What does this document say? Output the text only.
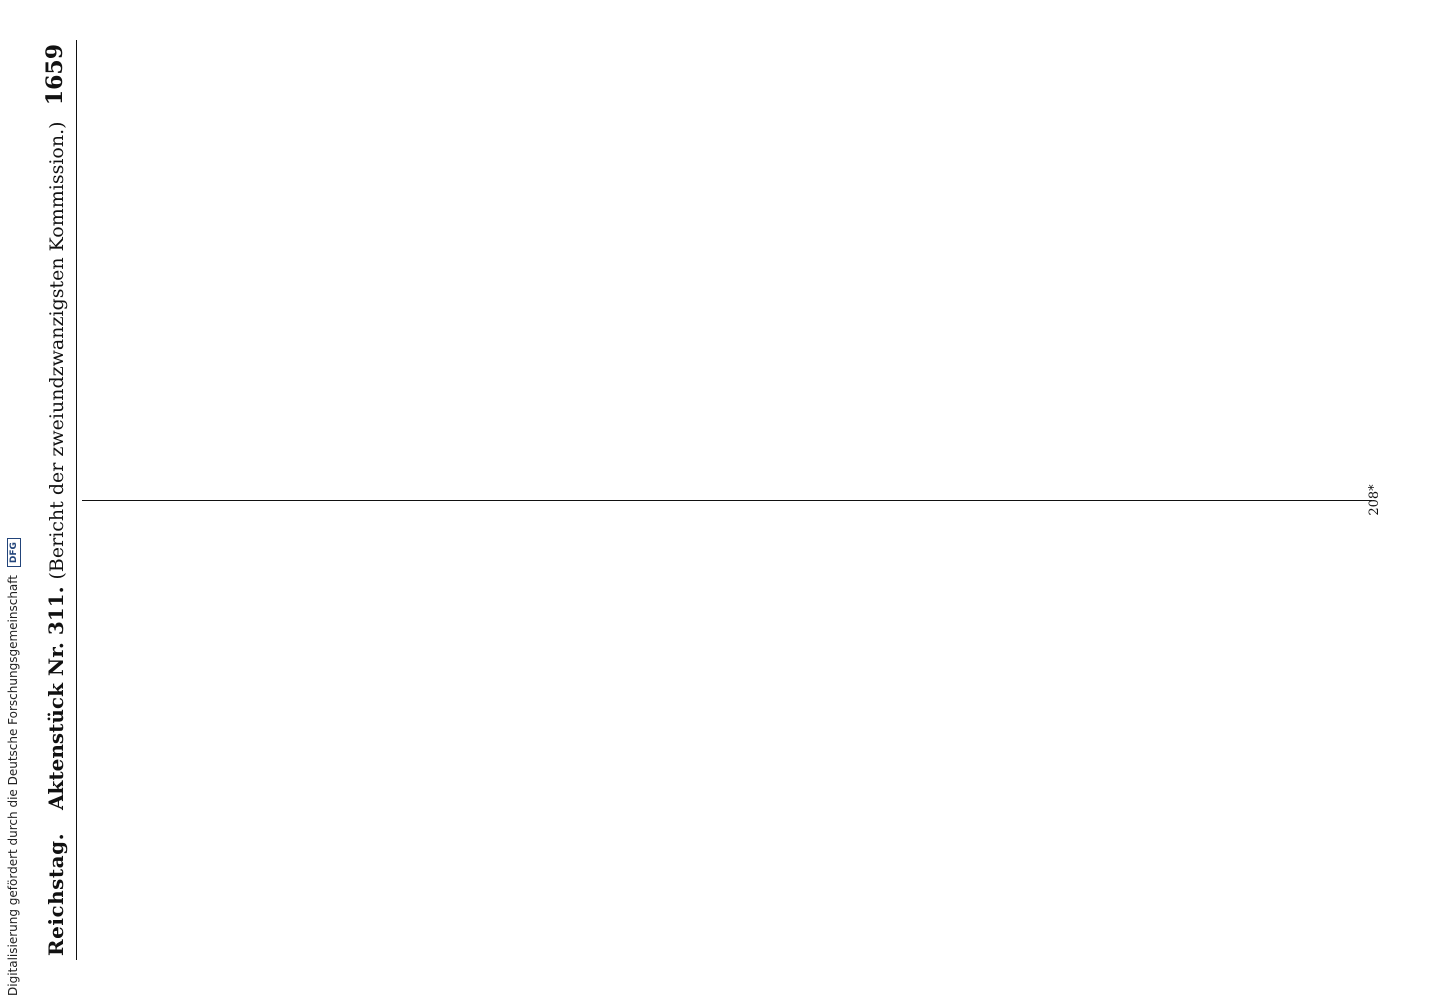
Reichstag.
Aktenstück Nr. 311. (Bericht der zweiundzwanzigsten Kommission.)
1659
208*
Digitalisierung gefördert durch die Deutsche Forschungsgemeinschaft DFG
